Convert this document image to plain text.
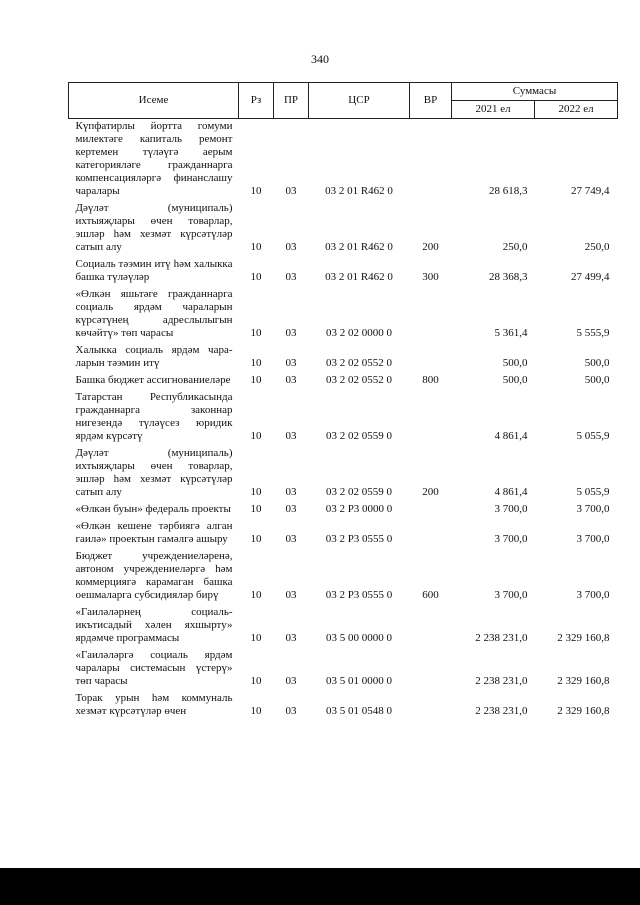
340
Исеме	Рз	ПР	ЦСР	ВР	Суммасы	
					2021 ел	2022 ел
Күпфатирлы йортта гомуми милектәге капиталь ремонт кертемен түләүгә аерым категорияләге гражданнарга компенсацияләргә финанслашу чаралары	10	03	03 2 01 R462 0		28 618,3	27 749,4
Дәүләт (муниципаль) ихтыяҗлары өчен товарлар, эшләр һәм хезмәт күрсәтүләр сатып алу	10	03	03 2 01 R462 0	200	250,0	250,0
Социаль тәэмин итү һәм халыкка башка түләүләр	10	03	03 2 01 R462 0	300	28 368,3	27 499,4
«Өлкән яшьтәге гражданнарга социаль ярдәм чараларын күрсәтүнең адреслылыгын көчәйтү» төп чарасы	10	03	03 2 02 0000 0		5 361,4	5 555,9
Халыкка социаль ярдәм чараларын тәэмин итү	10	03	03 2 02 0552 0		500,0	500,0
Башка бюджет ассигнованиеләре	10	03	03 2 02 0552 0	800	500,0	500,0
Татарстан Республикасында гражданнарга законнар нигезендә түләүсез юридик ярдәм күрсәтү	10	03	03 2 02 0559 0		4 861,4	5 055,9
Дәүләт (муниципаль) ихтыяҗлары өчен товарлар, эшләр һәм хезмәт күрсәтүләр сатып алу	10	03	03 2 02 0559 0	200	4 861,4	5 055,9
«Өлкән буын» федераль проекты	10	03	03 2 P3 0000 0		3 700,0	3 700,0
«Өлкән кешене тәрбиягә алган гаилә» проектын гамәлгә ашыру	10	03	03 2 P3 0555 0		3 700,0	3 700,0
Бюджет учреждениеләренә, автоном учреждениеләргә һәм коммерциягә карамаган башка оешмаларга субсидияләр бирү	10	03	03 2 P3 0555 0	600	3 700,0	3 700,0
«Гаиләләрнең социаль-икътисадый хәлен яхшырту» ярдәмче программасы	10	03	03 5 00 0000 0		2 238 231,0	2 329 160,8
«Гаиләләргә социаль ярдәм чаралары системасын үстерү» төп чарасы	10	03	03 5 01 0000 0		2 238 231,0	2 329 160,8
Торак урын һәм коммуналь хезмәт күрсәтүләр өчен	10	03	03 5 01 0548 0		2 238 231,0	2 329 160,8
